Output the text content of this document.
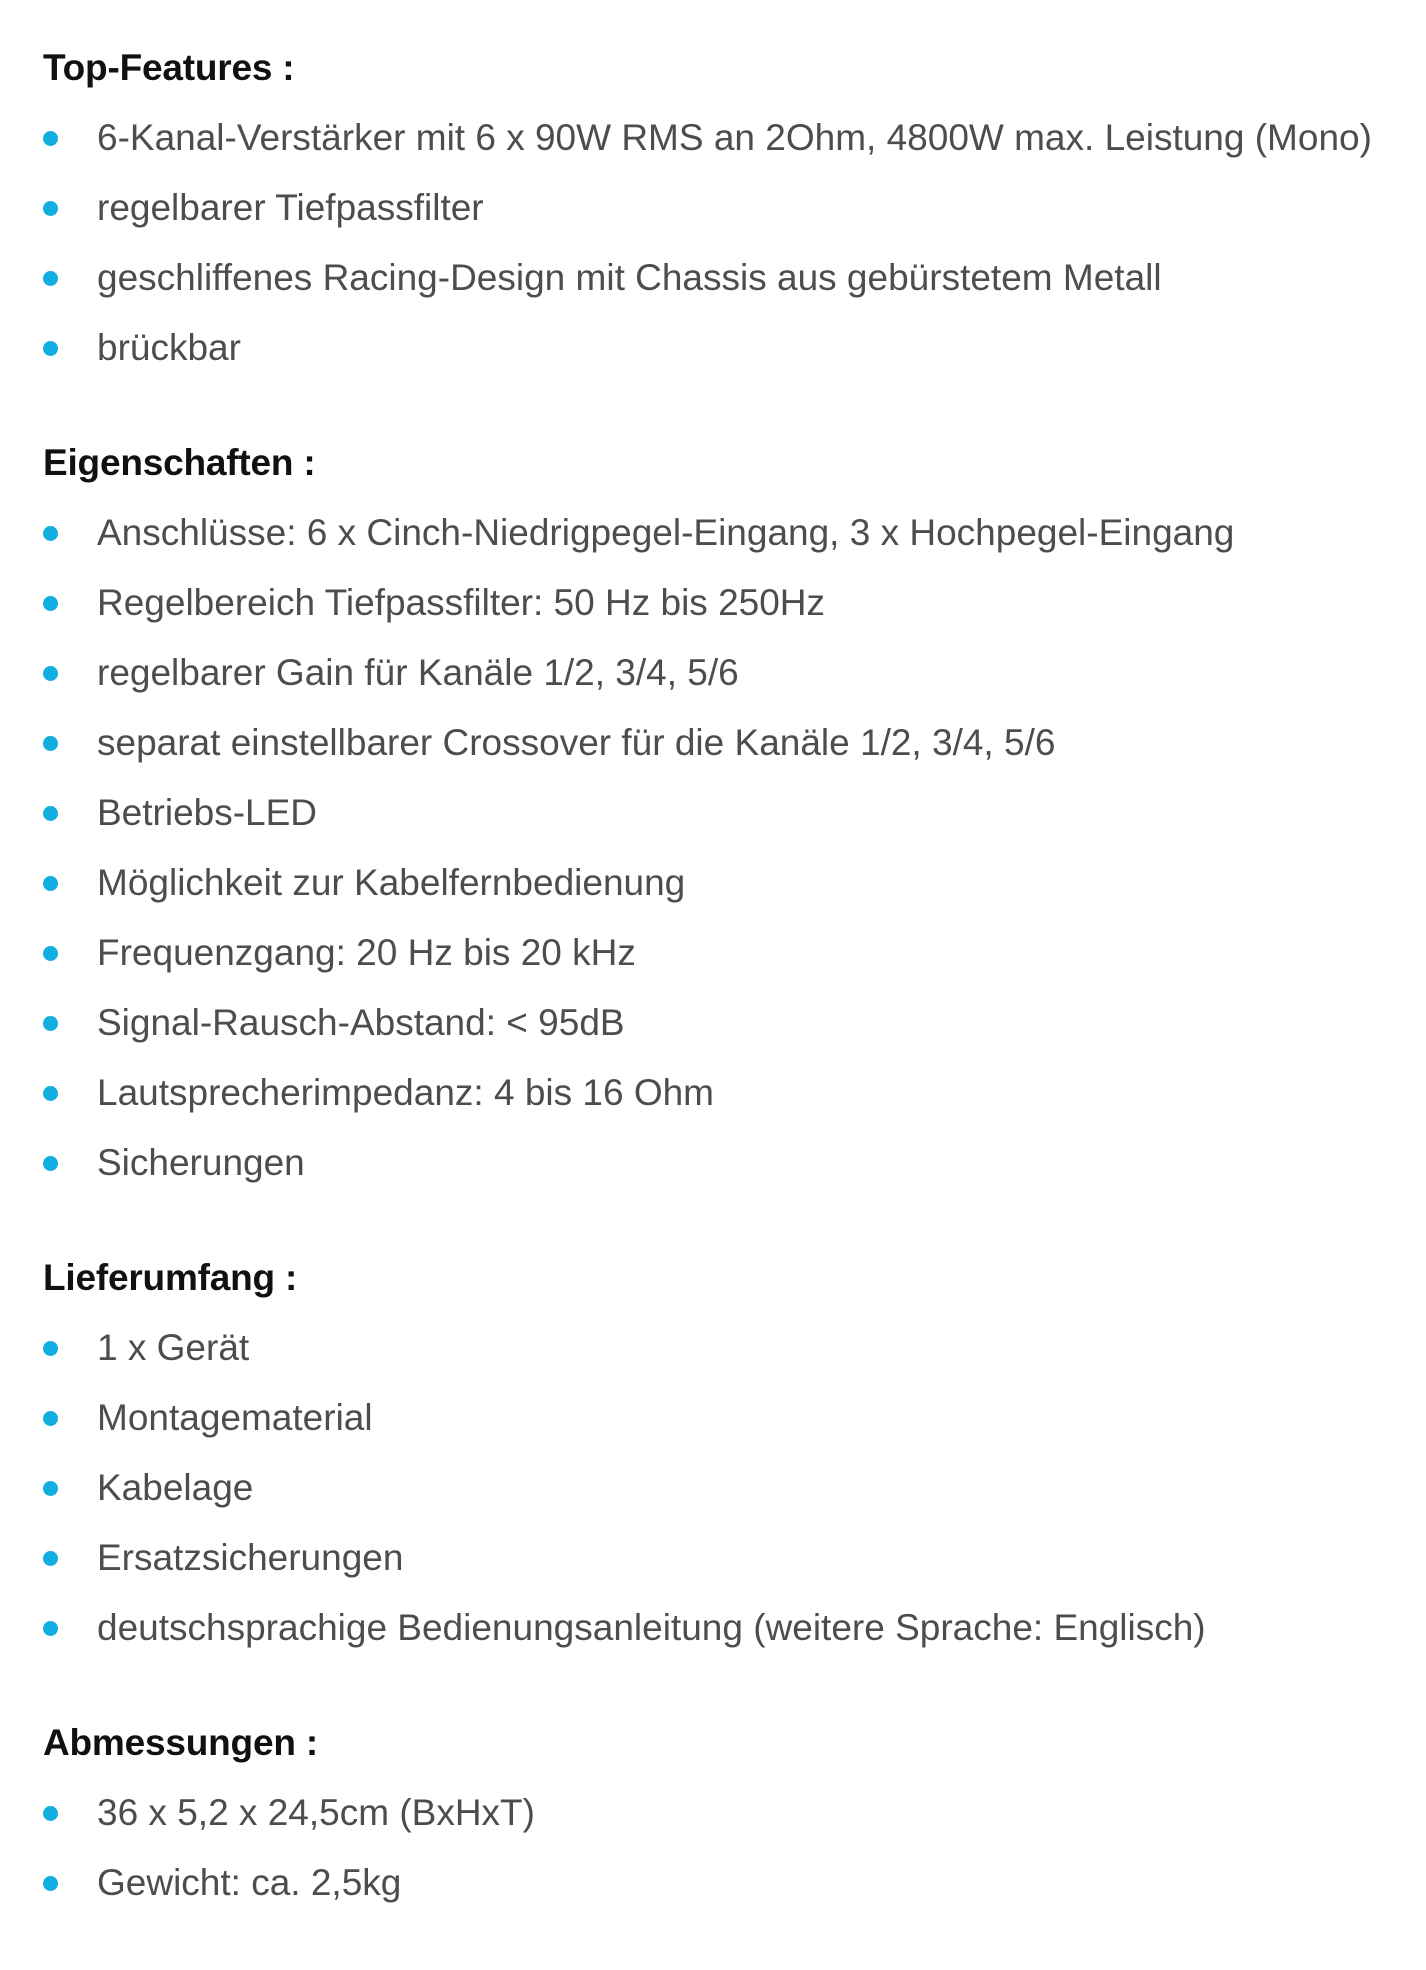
Top-Features :
6-Kanal-Verstärker mit 6 x 90W RMS an 2Ohm, 4800W max. Leistung (Mono)
regelbarer Tiefpassfilter
geschliffenes Racing-Design mit Chassis aus gebürstetem Metall
brückbar
Eigenschaften :
Anschlüsse: 6 x Cinch-Niedrigpegel-Eingang, 3 x Hochpegel-Eingang
Regelbereich Tiefpassfilter: 50 Hz bis 250Hz
regelbarer Gain für Kanäle 1/2, 3/4, 5/6
separat einstellbarer Crossover für die Kanäle 1/2, 3/4, 5/6
Betriebs-LED
Möglichkeit zur Kabelfernbedienung
Frequenzgang: 20 Hz bis 20 kHz
Signal-Rausch-Abstand: < 95dB
Lautsprecherimpedanz: 4 bis 16 Ohm
Sicherungen
Lieferumfang :
1 x Gerät
Montagematerial
Kabelage
Ersatzsicherungen
deutschsprachige Bedienungsanleitung (weitere Sprache: Englisch)
Abmessungen :
36 x 5,2 x 24,5cm (BxHxT)
Gewicht: ca. 2,5kg
